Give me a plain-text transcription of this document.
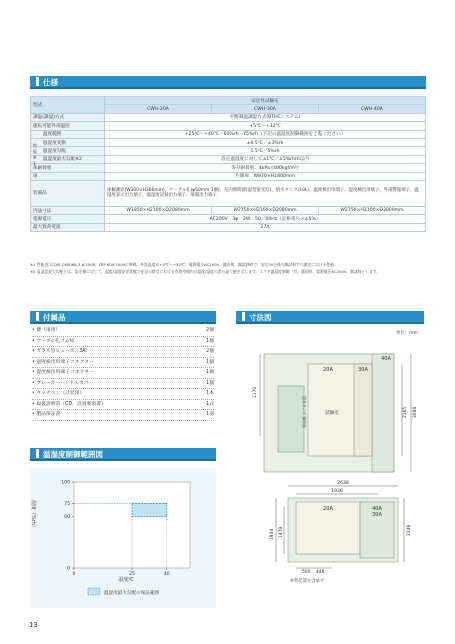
仕様
型式	安定性試験室		
	CWH-20A	CWH-30A	CWH-40A
調温(調湿)方式	平衡調温調湿方式(BTHCシステム)		
運転可能外部温度	+5℃～+32℃		
温度範囲	+25℃～+40℃／60%rh～75%rh（下記の温湿度制御範囲をご覧ください）		
温湿度変動	±0.5℃／±3%rh		
温湿度勾配	1.5℃／5%rh		
温湿度最大勾配※2	設定温湿度に対して±1℃／±5%rhrh以内		
体耐荷重	等分耐荷重：4kPa (400kgf/m²)		
扉	片開扉　W870×H1800mm		
装備品	扉観測窓(W300×H300mm)、ケーブル孔(φ50mm 1個)、室内照明(防湿型蛍光灯)、給水タンク(10L)、温度検出用端子、湿度検出用端子、外部警報端子、温湿度表示出力端子、温湿度記録出力端子、扉開出力端子		
内法寸法	W1850×H2100×D2080mm	W2750×H2100×D2080mm	W2750×H2100×D3000mm
電源電圧	AC200V　3φ　3W　50／60Hz（定格電圧の±5%）		
最大負荷電流	27A		
性能※1
※1 性能表示はJIS-C60068-3-6:2008、JTM K09:2009に準拠。外設温度が+5℃～+32℃、電源電圧AC200V、無負荷、無試料時で、安定30分後の無試料での測定における性能。
※2 温湿度最大勾配とは、設定値に対して、温度/湿度安定状態で任意の時点における有効空間内の温度/湿度の差の最大値を示します。エリア温湿度制御「有」選択時、電源電圧AC200V、無試料とします。
付属品
• 鍵（扉用）	2個
• ケーブル孔ゴム栓	1個
• ガラス管ヒューズ（3A）	2個
• 温度検出用端子コネクター	1個
• 湿度検出用端子コネクター	1個
• ブレーカーハンドルカバー	1個
• タッチペン（計装用）	1本
• 取扱説明書（CD、設置要領書）	1式
• 製品保証書	1部
温湿度制御範囲図
0
60
75
100
0	25	40
湿度（%rh）
温度℃
温湿度最大勾配の保証範囲
寸法図
単位：mm
40A
20A	30A
試験室
給水タンク 操作部
1170
2165 3088
2638
1936
20A	40A
30A
1934 1479	2248
500 446
※突起部を含めず
13
